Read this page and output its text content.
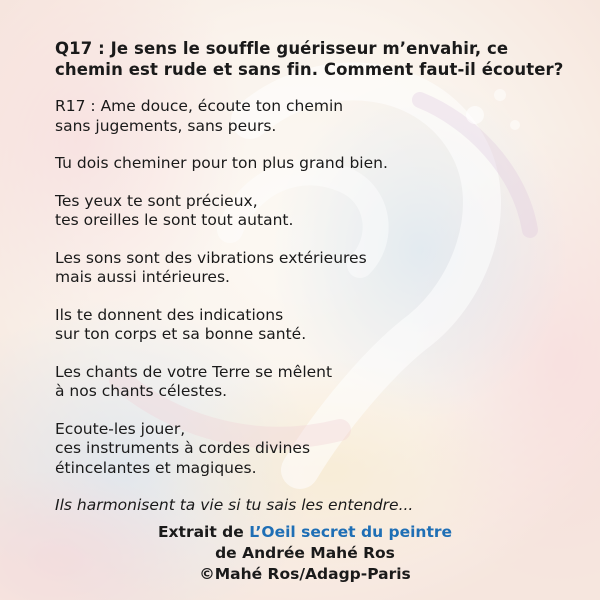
Q17 : Je sens le souffle guérisseur m’envahir, ce chemin est rude et sans fin. Comment faut-il écouter?

R17 : Ame douce, écoute ton chemin
sans jugements, sans peurs.

Tu dois cheminer pour ton plus grand bien.

Tes yeux te sont précieux,
tes oreilles le sont tout autant.

Les sons sont des vibrations extérieures
mais aussi intérieures.

Ils te donnent des indications
sur ton corps et sa bonne santé.

Les chants de votre Terre se mêlent
à nos chants célestes.

Ecoute-les jouer,
ces instruments à cordes divines
étincelantes et magiques.

Ils harmonisent ta vie si tu sais les entendre...

Extrait de L’Oeil secret du peintre
de Andrée Mahé Ros
©Mahé Ros/Adagp-Paris
